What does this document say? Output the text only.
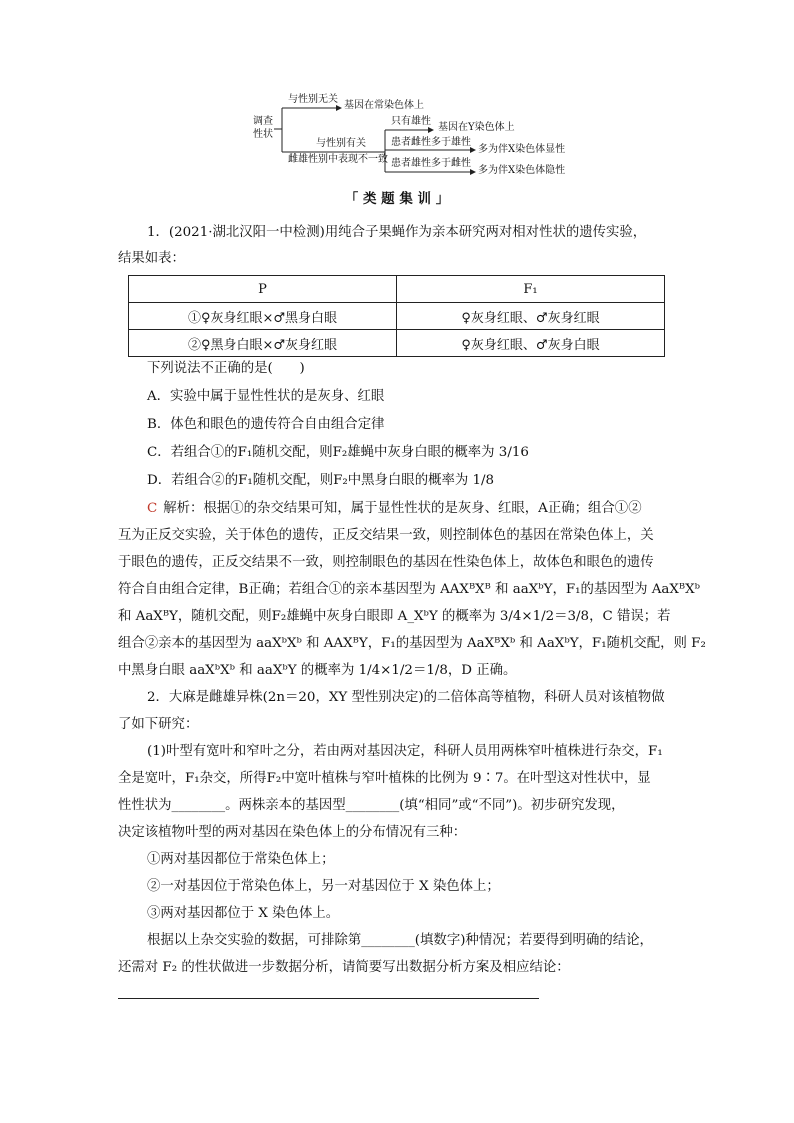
调查
性状
与性别无关
基因在常染色体上
与性别有关
雌雄性别中表现不一致
只有雄性
基因在Y染色体上
患者雌性多于雄性
多为伴X染色体显性
患者雄性多于雌性
多为伴X染色体隐性
「 类 题 集 训 」
1．(2021·湖北汉阳一中检测)用纯合子果蝇作为亲本研究两对相对性状的遗传实验，
结果如表：
P	F₁
①♀灰身红眼×♂黑身白眼	♀灰身红眼、♂灰身红眼
②♀黑身白眼×♂灰身红眼	♀灰身红眼、♂灰身白眼
下列说法不正确的是(　　)
A．实验中属于显性性状的是灰身、红眼
B．体色和眼色的遗传符合自由组合定律
C．若组合①的F₁随机交配，则F₂雄蝇中灰身白眼的概率为 3/16
D．若组合②的F₁随机交配，则F₂中黑身白眼的概率为 1/8
C 解析：根据①的杂交结果可知，属于显性性状的是灰身、红眼，A正确；组合①②
互为正反交实验，关于体色的遗传，正反交结果一致，则控制体色的基因在常染色体上，关
于眼色的遗传，正反交结果不一致，则控制眼色的基因在性染色体上，故体色和眼色的遗传
符合自由组合定律，B正确；若组合①的亲本基因型为 AAXᴮXᴮ 和 aaXᵇY，F₁的基因型为 AaXᴮXᵇ
和 AaXᴮY，随机交配，则F₂雄蝇中灰身白眼即 A_XᵇY 的概率为 3/4×1/2＝3/8，C 错误；若
组合②亲本的基因型为 aaXᵇXᵇ 和 AAXᴮY，F₁的基因型为 AaXᴮXᵇ 和 AaXᵇY，F₁随机交配，则 F₂
中黑身白眼 aaXᵇXᵇ 和 aaXᵇY 的概率为 1/4×1/2＝1/8，D 正确。
2．大麻是雌雄异株(2n＝20，XY 型性别决定)的二倍体高等植物，科研人员对该植物做
了如下研究：
(1)叶型有宽叶和窄叶之分，若由两对基因决定，科研人员用两株窄叶植株进行杂交，F₁
全是宽叶，F₁杂交，所得F₂中宽叶植株与窄叶植株的比例为 9∶7。在叶型这对性状中，显
性性状为________。两株亲本的基因型________(填“相同”或“不同”)。初步研究发现，
决定该植物叶型的两对基因在染色体上的分布情况有三种：
①两对基因都位于常染色体上；
②一对基因位于常染色体上，另一对基因位于 X 染色体上；
③两对基因都位于 X 染色体上。
根据以上杂交实验的数据，可排除第________(填数字)种情况；若要得到明确的结论，
还需对 F₂ 的性状做进一步数据分析，请简要写出数据分析方案及相应结论：
